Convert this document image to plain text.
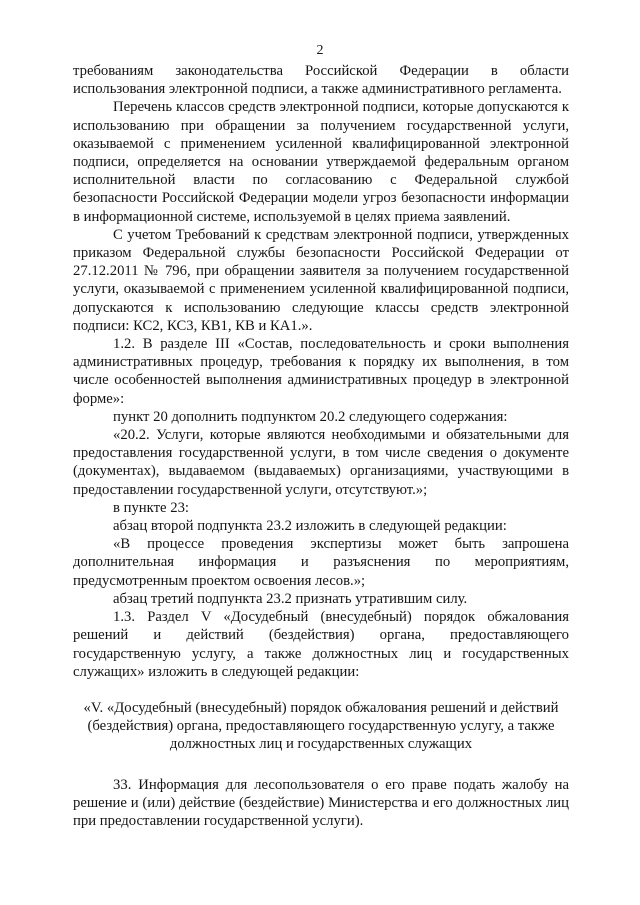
2

требованиям законодательства Российской Федерации в области использования электронной подписи, а также административного регламента.

Перечень классов средств электронной подписи, которые допускаются к использованию при обращении за получением государственной услуги, оказываемой с применением усиленной квалифицированной электронной подписи, определяется на основании утверждаемой федеральным органом исполнительной власти по согласованию с Федеральной службой безопасности Российской Федерации модели угроз безопасности информации в информационной системе, используемой в целях приема заявлений.

С учетом Требований к средствам электронной подписи, утвержденных приказом Федеральной службы безопасности Российской Федерации от 27.12.2011 № 796, при обращении заявителя за получением государственной услуги, оказываемой с применением усиленной квалифицированной подписи, допускаются к использованию следующие классы средств электронной подписи: КС2, КС3, КВ1, КВ и КА1.».

1.2. В разделе III «Состав, последовательность и сроки выполнения административных процедур, требования к порядку их выполнения, в том числе особенностей выполнения административных процедур в электронной форме»:

пункт 20 дополнить подпунктом 20.2 следующего содержания:

«20.2. Услуги, которые являются необходимыми и обязательными для предоставления государственной услуги, в том числе сведения о документе (документах), выдаваемом (выдаваемых) организациями, участвующими в предоставлении государственной услуги, отсутствуют.»;

в пункте 23:

абзац второй подпункта 23.2 изложить в следующей редакции:

«В процессе проведения экспертизы может быть запрошена дополнительная информация и разъяснения по мероприятиям, предусмотренным проектом освоения лесов.»;

абзац третий подпункта 23.2 признать утратившим силу.

1.3. Раздел V «Досудебный (внесудебный) порядок обжалования решений и действий (бездействия) органа, предоставляющего государственную услугу, а также должностных лиц и государственных служащих» изложить в следующей редакции:

«V. «Досудебный (внесудебный) порядок обжалования решений и действий (бездействия) органа, предоставляющего государственную услугу, а также должностных лиц и государственных служащих

33. Информация для лесопользователя о его праве подать жалобу на решение и (или) действие (бездействие) Министерства и его должностных лиц при предоставлении государственной услуги).
